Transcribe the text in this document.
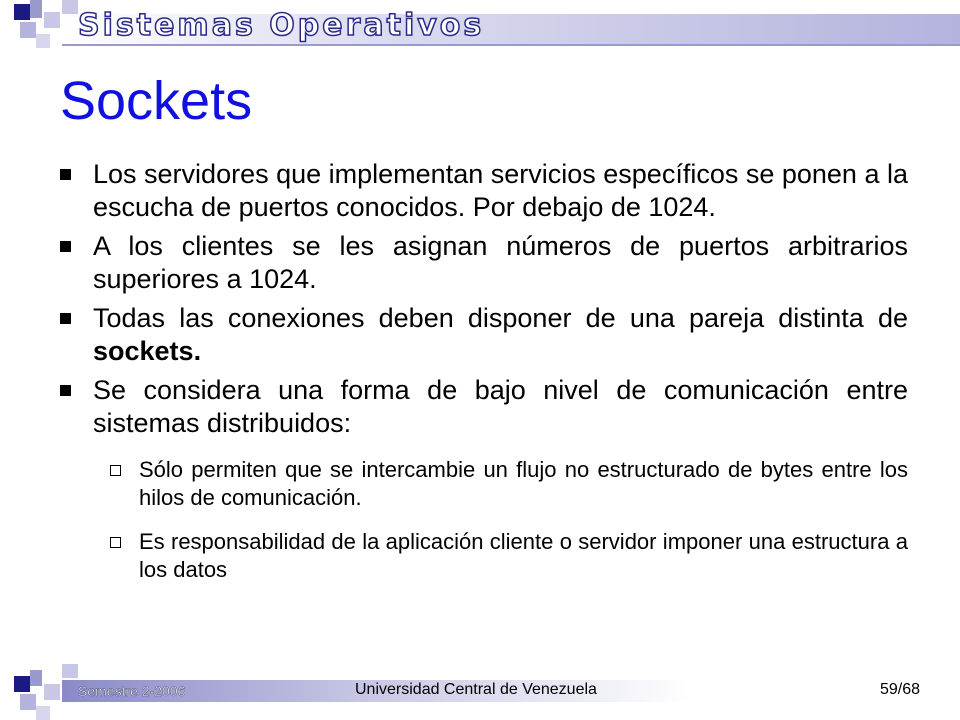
Sistemas Operativos
Sockets
Los servidores que implementan servicios específicos se ponen a la escucha de puertos conocidos. Por debajo de 1024.
A los clientes se les asignan números de puertos arbitrarios superiores a 1024.
Todas las conexiones deben disponer de una pareja distinta de sockets.
Se considera una forma de bajo nivel de comunicación entre sistemas distribuidos:
Sólo permiten que se intercambie un flujo no estructurado de bytes entre los hilos de comunicación.
Es responsabilidad de la aplicación cliente o servidor imponer una estructura a los datos
Semestre 2-2006	Universidad Central de Venezuela	59/68
